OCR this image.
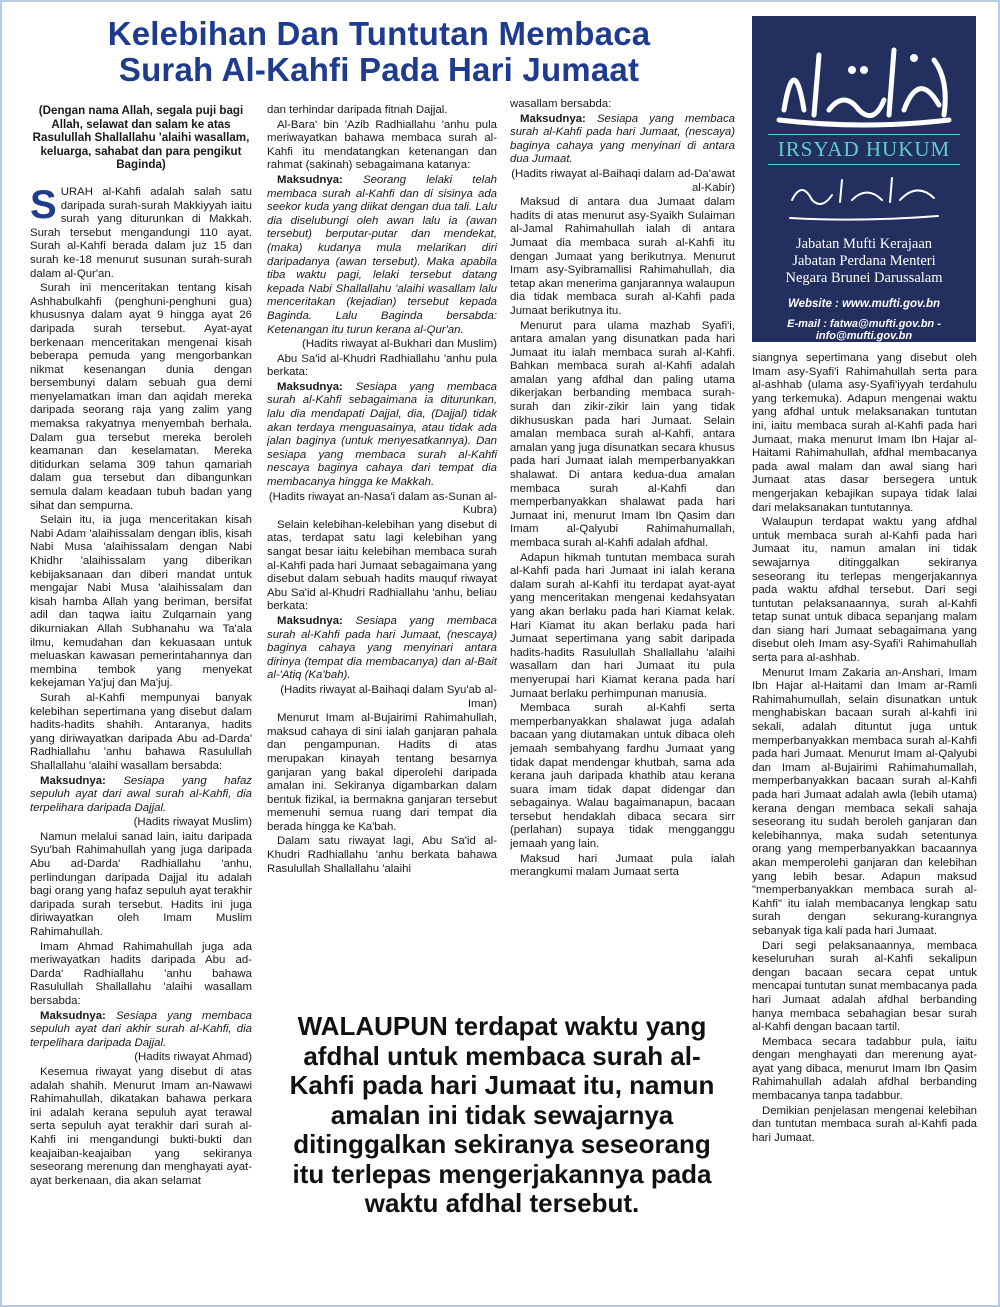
Kelebihan Dan Tuntutan Membaca
Surah Al-Kahfi Pada Hari Jumaat
IRSYAD HUKUM
Jabatan Mufti Kerajaan
Jabatan Perdana Menteri
Negara Brunei Darussalam
Website : www.mufti.gov.bn
E-mail : fatwa@mufti.gov.bn - info@mufti.gov.bn

(Dengan nama Allah, segala puji bagi Allah, selawat dan salam ke atas Rasulullah Shallallahu 'alaihi wasallam, keluarga, sahabat dan para pengikut Baginda)

SURAH al-Kahfi adalah salah satu daripada surah-surah Makkiyyah iaitu surah yang diturunkan di Makkah. Surah tersebut mengandungi 110 ayat. Surah al-Kahfi berada dalam juz 15 dan surah ke-18 menurut susunan surah-surah dalam al-Qur'an.

Surah ini menceritakan tentang kisah Ashhabulkahfi (penghuni-penghuni gua) khususnya dalam ayat 9 hingga ayat 26 daripada surah tersebut. Ayat-ayat berkenaan menceritakan mengenai kisah beberapa pemuda yang mengorbankan nikmat kesenangan dunia dengan bersembunyi dalam sebuah gua demi menyelamatkan iman dan aqidah mereka daripada seorang raja yang zalim yang memaksa rakyatnya menyembah berhala. Dalam gua tersebut mereka beroleh keamanan dan keselamatan. Mereka ditidurkan selama 309 tahun qamariah dalam gua tersebut dan dibangunkan semula dalam keadaan tubuh badan yang sihat dan sempurna.

Selain itu, ia juga menceritakan kisah Nabi Adam 'alaihissalam dengan iblis, kisah Nabi Musa 'alaihissalam dengan Nabi Khidhr 'alaihissalam yang diberikan kebijaksanaan dan diberi mandat untuk mengajar Nabi Musa 'alaihissalam dan kisah hamba Allah yang beriman, bersifat adil dan taqwa iaitu Zulqarnain yang dikurniakan Allah Subhanahu wa Ta'ala ilmu, kemudahan dan kekuasaan untuk meluaskan kawasan pemerintahannya dan membina tembok yang menyekat kekejaman Ya'juj dan Ma'juj.

Surah al-Kahfi mempunyai banyak kelebihan sepertimana yang disebut dalam hadits-hadits shahih. Antaranya, hadits yang diriwayatkan daripada Abu ad-Darda' Radhiallahu 'anhu bahawa Rasulullah Shallallahu 'alaihi wasallam bersabda:

Maksudnya: Sesiapa yang hafaz sepuluh ayat dari awal surah al-Kahfi, dia terpelihara daripada Dajjal.

(Hadits riwayat Muslim)

Namun melalui sanad lain, iaitu daripada Syu'bah Rahimahullah yang juga daripada Abu ad-Darda' Radhiallahu 'anhu, perlindungan daripada Dajjal itu adalah bagi orang yang hafaz sepuluh ayat terakhir daripada surah tersebut. Hadits ini juga diriwayatkan oleh Imam Muslim Rahimahullah.

Imam Ahmad Rahimahullah juga ada meriwayatkan hadits daripada Abu ad-Darda' Radhiallahu 'anhu bahawa Rasulullah Shallallahu 'alaihi wasallam bersabda:

Maksudnya: Sesiapa yang membaca sepuluh ayat dari akhir surah al-Kahfi, dia terpelihara daripada Dajjal.

(Hadits riwayat Ahmad)

Kesemua riwayat yang disebut di atas adalah shahih. Menurut Imam an-Nawawi Rahimahullah, dikatakan bahawa perkara ini adalah kerana sepuluh ayat terawal serta sepuluh ayat terakhir dari surah al-Kahfi ini mengandungi bukti-bukti dan keajaiban-keajaiban yang sekiranya seseorang merenung dan menghayati ayat-ayat berkenaan, dia akan selamat

dan terhindar daripada fitnah Dajjal.

Al-Bara' bin 'Azib Radhiallahu 'anhu pula meriwayatkan bahawa membaca surah al-Kahfi itu mendatangkan ketenangan dan rahmat (sakinah) sebagaimana katanya:

Maksudnya: Seorang lelaki telah membaca surah al-Kahfi dan di sisinya ada seekor kuda yang diikat dengan dua tali. Lalu dia diselubungi oleh awan lalu ia (awan tersebut) berputar-putar dan mendekat, (maka) kudanya mula melarikan diri daripadanya (awan tersebut). Maka apabila tiba waktu pagi, lelaki tersebut datang kepada Nabi Shallallahu 'alaihi wasallam lalu menceritakan (kejadian) tersebut kepada Baginda. Lalu Baginda bersabda: Ketenangan itu turun kerana al-Qur'an.

(Hadits riwayat al-Bukhari dan Muslim)

Abu Sa'id al-Khudri Radhiallahu 'anhu pula berkata:

Maksudnya: Sesiapa yang membaca surah al-Kahfi sebagaimana ia diturunkan, lalu dia mendapati Dajjal, dia, (Dajjal) tidak akan terdaya menguasainya, atau tidak ada jalan baginya (untuk menyesatkannya). Dan sesiapa yang membaca surah al-Kahfi nescaya baginya cahaya dari tempat dia membacanya hingga ke Makkah.

(Hadits riwayat an-Nasa'i dalam as-Sunan al-Kubra)

Selain kelebihan-kelebihan yang disebut di atas, terdapat satu lagi kelebihan yang sangat besar iaitu kelebihan membaca surah al-Kahfi pada hari Jumaat sebagaimana yang disebut dalam sebuah hadits mauquf riwayat Abu Sa'id al-Khudri Radhiallahu 'anhu, beliau berkata:

Maksudnya: Sesiapa yang membaca surah al-Kahfi pada hari Jumaat, (nescaya) baginya cahaya yang menyinari antara dirinya (tempat dia membacanya) dan al-Bait al-'Atiq (Ka'bah).

(Hadits riwayat al-Baihaqi dalam Syu'ab al-Iman)

Menurut Imam al-Bujairimi Rahimahullah, maksud cahaya di sini ialah ganjaran pahala dan pengampunan. Hadits di atas merupakan kinayah tentang besarnya ganjaran yang bakal diperolehi daripada amalan ini. Sekiranya digambarkan dalam bentuk fizikal, ia bermakna ganjaran tersebut memenuhi semua ruang dari tempat dia berada hingga ke Ka'bah.

Dalam satu riwayat lagi, Abu Sa'id al-Khudri Radhiallahu 'anhu berkata bahawa Rasulullah Shallallahu 'alaihi

wasallam bersabda:

Maksudnya: Sesiapa yang membaca surah al-Kahfi pada hari Jumaat, (nescaya) baginya cahaya yang menyinari di antara dua Jumaat.

(Hadits riwayat al-Baihaqi dalam ad-Da'awat al-Kabir)

Maksud di antara dua Jumaat dalam hadits di atas menurut asy-Syaikh Sulaiman al-Jamal Rahimahullah ialah di antara Jumaat dia membaca surah al-Kahfi itu dengan Jumaat yang berikutnya. Menurut Imam asy-Syibramallisi Rahimahullah, dia tetap akan menerima ganjarannya walaupun dia tidak membaca surah al-Kahfi pada Jumaat berikutnya itu.

Menurut para ulama mazhab Syafi'i, antara amalan yang disunatkan pada hari Jumaat itu ialah membaca surah al-Kahfi. Bahkan membaca surah al-Kahfi adalah amalan yang afdhal dan paling utama dikerjakan berbanding membaca surah-surah dan zikir-zikir lain yang tidak dikhususkan pada hari Jumaat. Selain amalan membaca surah al-Kahfi, antara amalan yang juga disunatkan secara khusus pada hari Jumaat ialah memperbanyakkan shalawat. Di antara kedua-dua amalan membaca surah al-Kahfi dan memperbanyakkan shalawat pada hari Jumaat ini, menurut Imam Ibn Qasim dan Imam al-Qalyubi Rahimahumallah, membaca surah al-Kahfi adalah afdhal.

Adapun hikmah tuntutan membaca surah al-Kahfi pada hari Jumaat ini ialah kerana dalam surah al-Kahfi itu terdapat ayat-ayat yang menceritakan mengenai kedahsyatan yang akan berlaku pada hari Kiamat kelak. Hari Kiamat itu akan berlaku pada hari Jumaat sepertimana yang sabit daripada hadits-hadits Rasulullah Shallallahu 'alaihi wasallam dan hari Jumaat itu pula menyerupai hari Kiamat kerana pada hari Jumaat berlaku perhimpunan manusia.

Membaca surah al-Kahfi serta memperbanyakkan shalawat juga adalah bacaan yang diutamakan untuk dibaca oleh jemaah sembahyang fardhu Jumaat yang tidak dapat mendengar khutbah, sama ada kerana jauh daripada khathib atau kerana suara imam tidak dapat didengar dan sebagainya. Walau bagaimanapun, bacaan tersebut hendaklah dibaca secara sirr (perlahan) supaya tidak mengganggu jemaah yang lain.

Maksud hari Jumaat pula ialah merangkumi malam Jumaat serta

siangnya sepertimana yang disebut oleh Imam asy-Syafi'i Rahimahullah serta para al-ashhab (ulama asy-Syafi'iyyah terdahulu yang terkemuka). Adapun mengenai waktu yang afdhal untuk melaksanakan tuntutan ini, iaitu membaca surah al-Kahfi pada hari Jumaat, maka menurut Imam Ibn Hajar al-Haitami Rahimahullah, afdhal membacanya pada awal malam dan awal siang hari Jumaat atas dasar bersegera untuk mengerjakan kebajikan supaya tidak lalai dari melaksanakan tuntutannya.

Walaupun terdapat waktu yang afdhal untuk membaca surah al-Kahfi pada hari Jumaat itu, namun amalan ini tidak sewajarnya ditinggalkan sekiranya seseorang itu terlepas mengerjakannya pada waktu afdhal tersebut. Dari segi tuntutan pelaksanaannya, surah al-Kahfi tetap sunat untuk dibaca sepanjang malam dan siang hari Jumaat sebagaimana yang disebut oleh Imam asy-Syafi'i Rahimahullah serta para al-ashhab.

Menurut Imam Zakaria an-Anshari, Imam Ibn Hajar al-Haitami dan Imam ar-Ramli Rahimahumullah, selain disunatkan untuk menghabiskan bacaan surah al-kahfi ini sekali, adalah dituntut juga untuk memperbanyakkan membaca surah al-Kahfi pada hari Jumaat. Menurut Imam al-Qalyubi dan Imam al-Bujairimi Rahimahumallah, memperbanyakkan bacaan surah al-Kahfi pada hari Jumaat adalah awla (lebih utama) kerana dengan membaca sekali sahaja seseorang itu sudah beroleh ganjaran dan kelebihannya, maka sudah setentunya orang yang memperbanyakkan bacaannya akan memperolehi ganjaran dan kelebihan yang lebih besar. Adapun maksud "memperbanyakkan membaca surah al-Kahfi" itu ialah membacanya lengkap satu surah dengan sekurang-kurangnya sebanyak tiga kali pada hari Jumaat.

Dari segi pelaksanaannya, membaca keseluruhan surah al-Kahfi sekalipun dengan bacaan secara cepat untuk mencapai tuntutan sunat membacanya pada hari Jumaat adalah afdhal berbanding hanya membaca sebahagian besar surah al-Kahfi dengan bacaan tartil.

Membaca secara tadabbur pula, iaitu dengan menghayati dan merenung ayat-ayat yang dibaca, menurut Imam Ibn Qasim Rahimahullah adalah afdhal berbanding membacanya tanpa tadabbur.

Demikian penjelasan mengenai kelebihan dan tuntutan membaca surah al-Kahfi pada hari Jumaat.

WALAUPUN terdapat waktu yang afdhal untuk membaca surah al-Kahfi pada hari Jumaat itu, namun amalan ini tidak sewajarnya ditinggalkan sekiranya seseorang itu terlepas mengerjakannya pada waktu afdhal tersebut.
